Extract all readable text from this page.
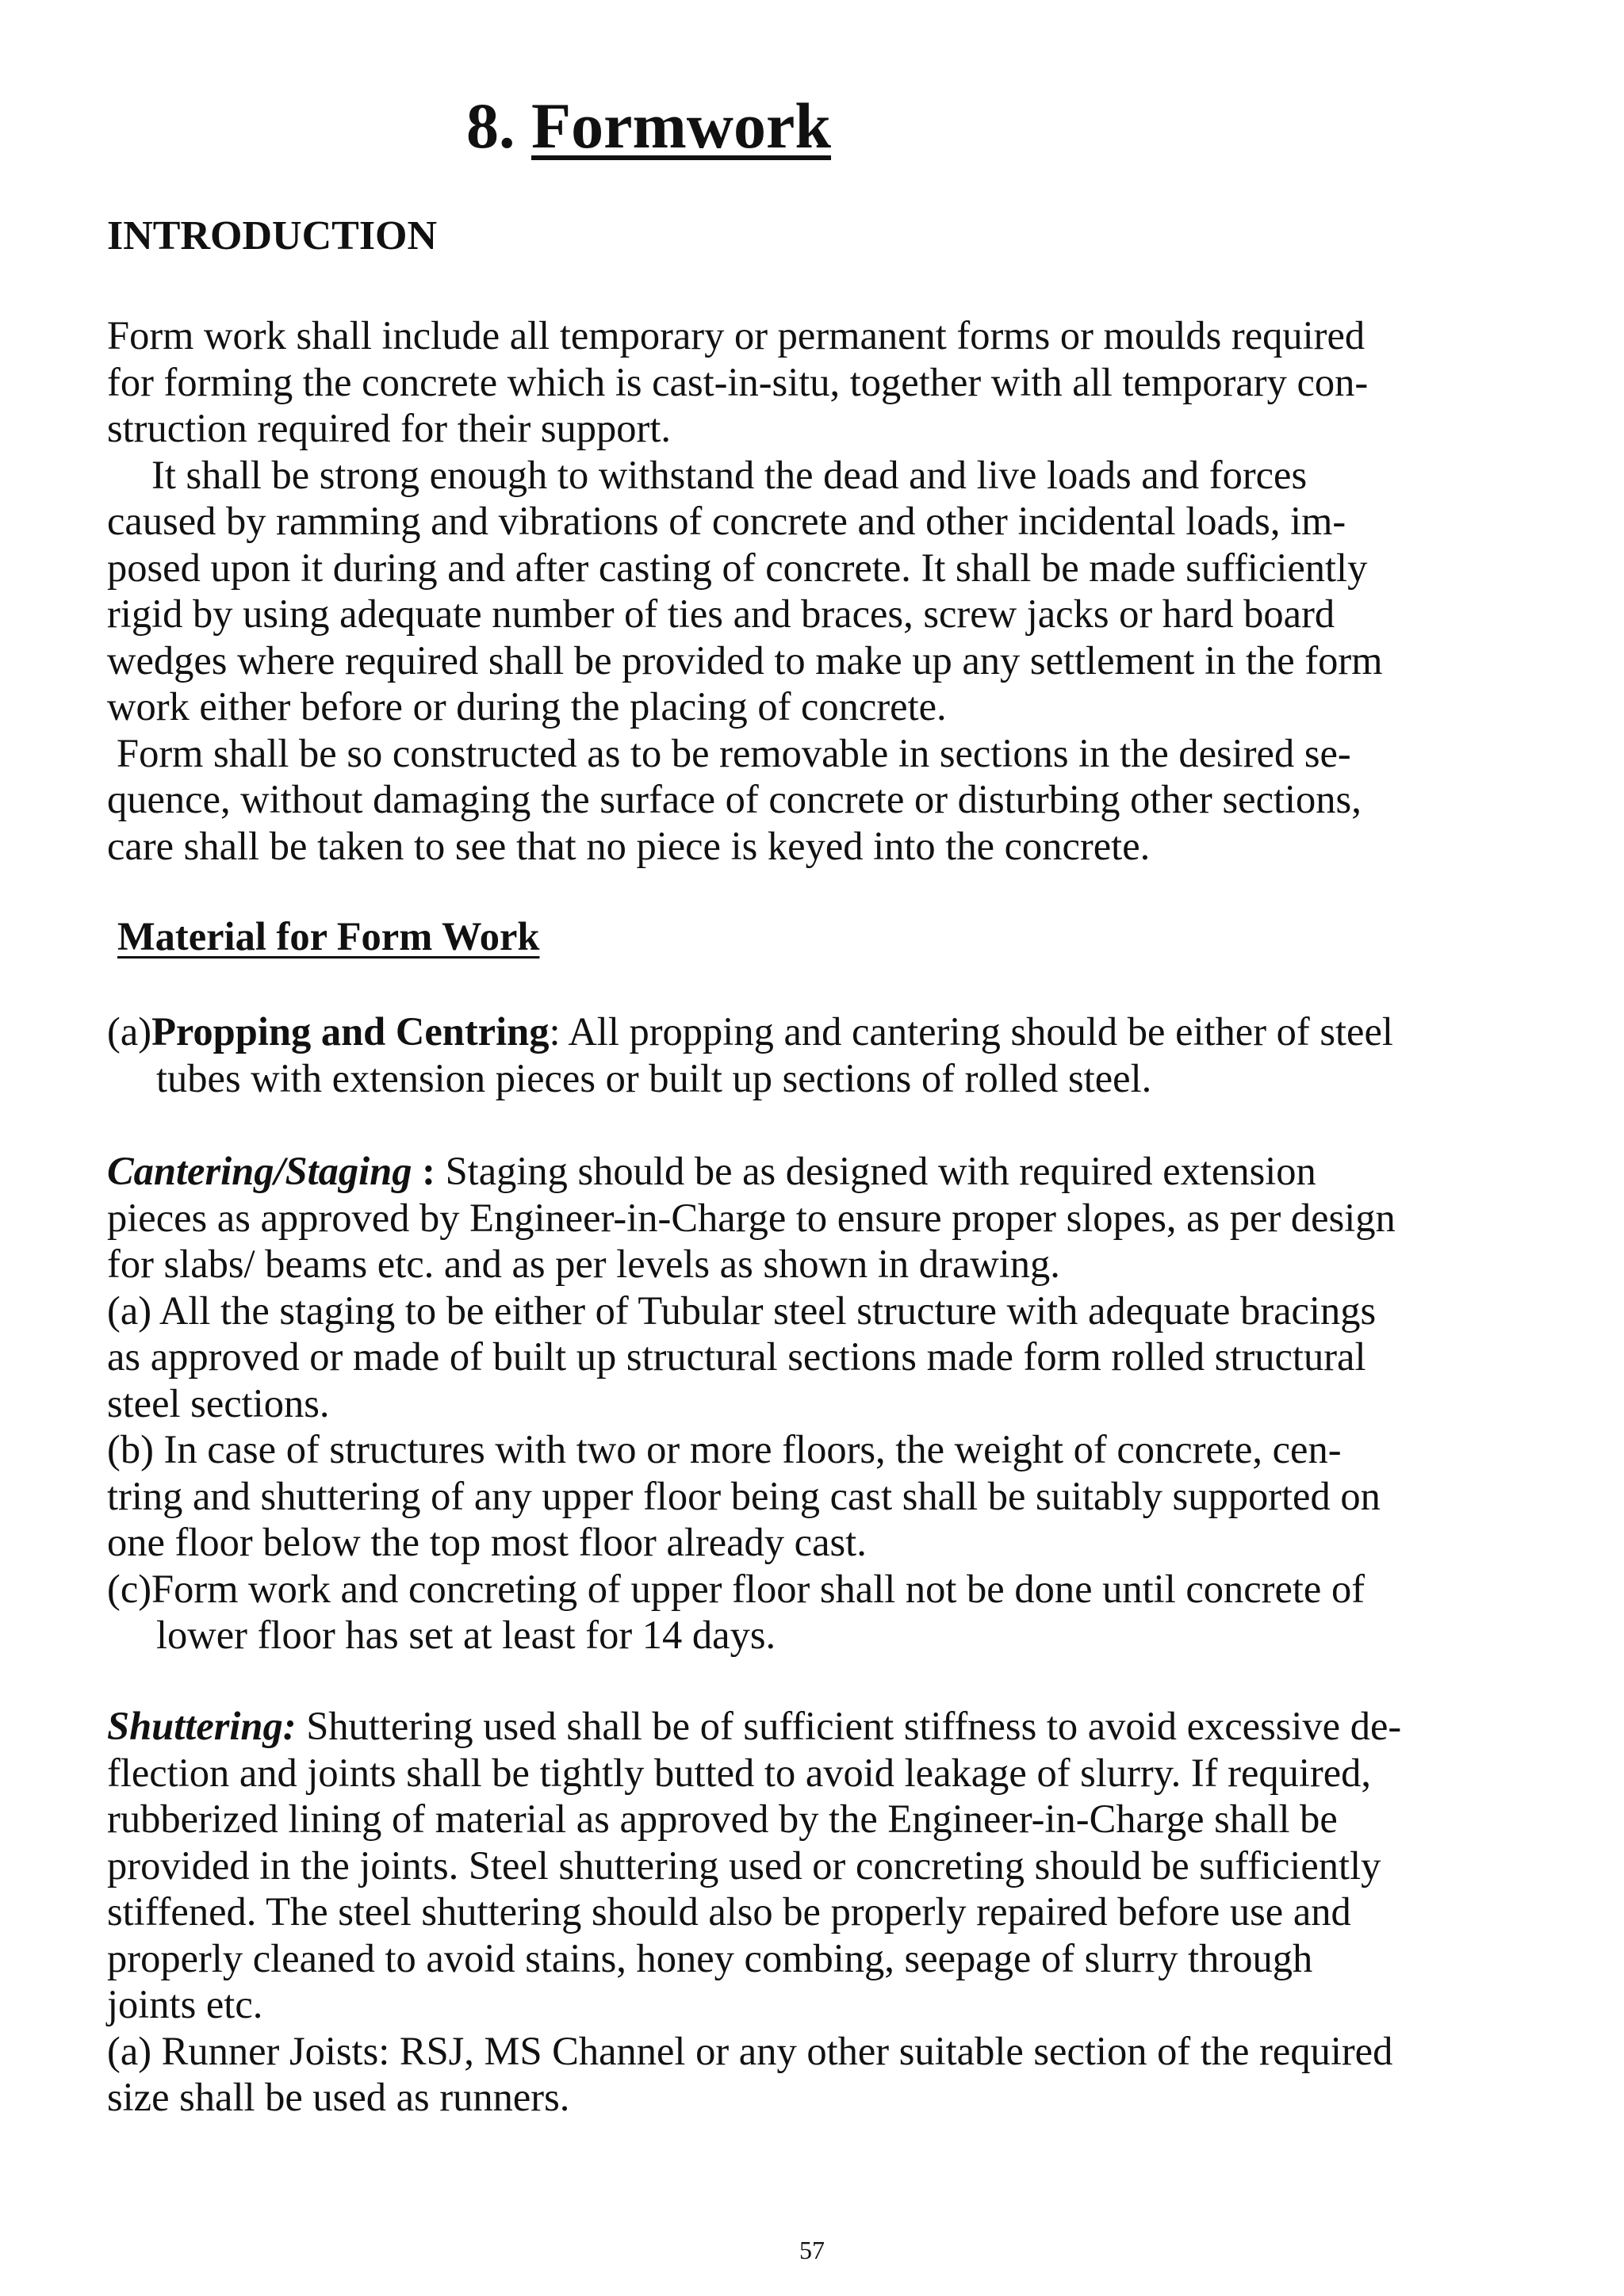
8. Formwork
INTRODUCTION
Form work shall include all temporary or permanent forms or moulds required
for forming the concrete which is cast-in-situ, together with all temporary con-
struction required for their support.
It shall be strong enough to withstand the dead and live loads and forces
caused by ramming and vibrations of concrete and other incidental loads, im-
posed upon it during and after casting of concrete. It shall be made sufficiently
rigid by using adequate number of ties and braces, screw jacks or hard board
wedges where required shall be provided to make up any settlement in the form
work either before or during the placing of concrete.
Form shall be so constructed as to be removable in sections in the desired se-
quence, without damaging the surface of concrete or disturbing other sections,
care shall be taken to see that no piece is keyed into the concrete.
Material for Form Work
(a)Propping and Centring: All propping and cantering should be either of steel
tubes with extension pieces or built up sections of rolled steel.
Cantering/Staging : Staging should be as designed with required extension
pieces as approved by Engineer-in-Charge to ensure proper slopes, as per design
for slabs/ beams etc. and as per levels as shown in drawing.
(a) All the staging to be either of Tubular steel structure with adequate bracings
as approved or made of built up structural sections made form rolled structural
steel sections.
(b) In case of structures with two or more floors, the weight of concrete, cen-
tring and shuttering of any upper floor being cast shall be suitably supported on
one floor below the top most floor already cast.
(c)Form work and concreting of upper floor shall not be done until concrete of
lower floor has set at least for 14 days.
Shuttering: Shuttering used shall be of sufficient stiffness to avoid excessive de-
flection and joints shall be tightly butted to avoid leakage of slurry. If required,
rubberized lining of material as approved by the Engineer-in-Charge shall be
provided in the joints. Steel shuttering used or concreting should be sufficiently
stiffened. The steel shuttering should also be properly repaired before use and
properly cleaned to avoid stains, honey combing, seepage of slurry through
joints etc.
(a) Runner Joists: RSJ, MS Channel or any other suitable section of the required
size shall be used as runners.
57
